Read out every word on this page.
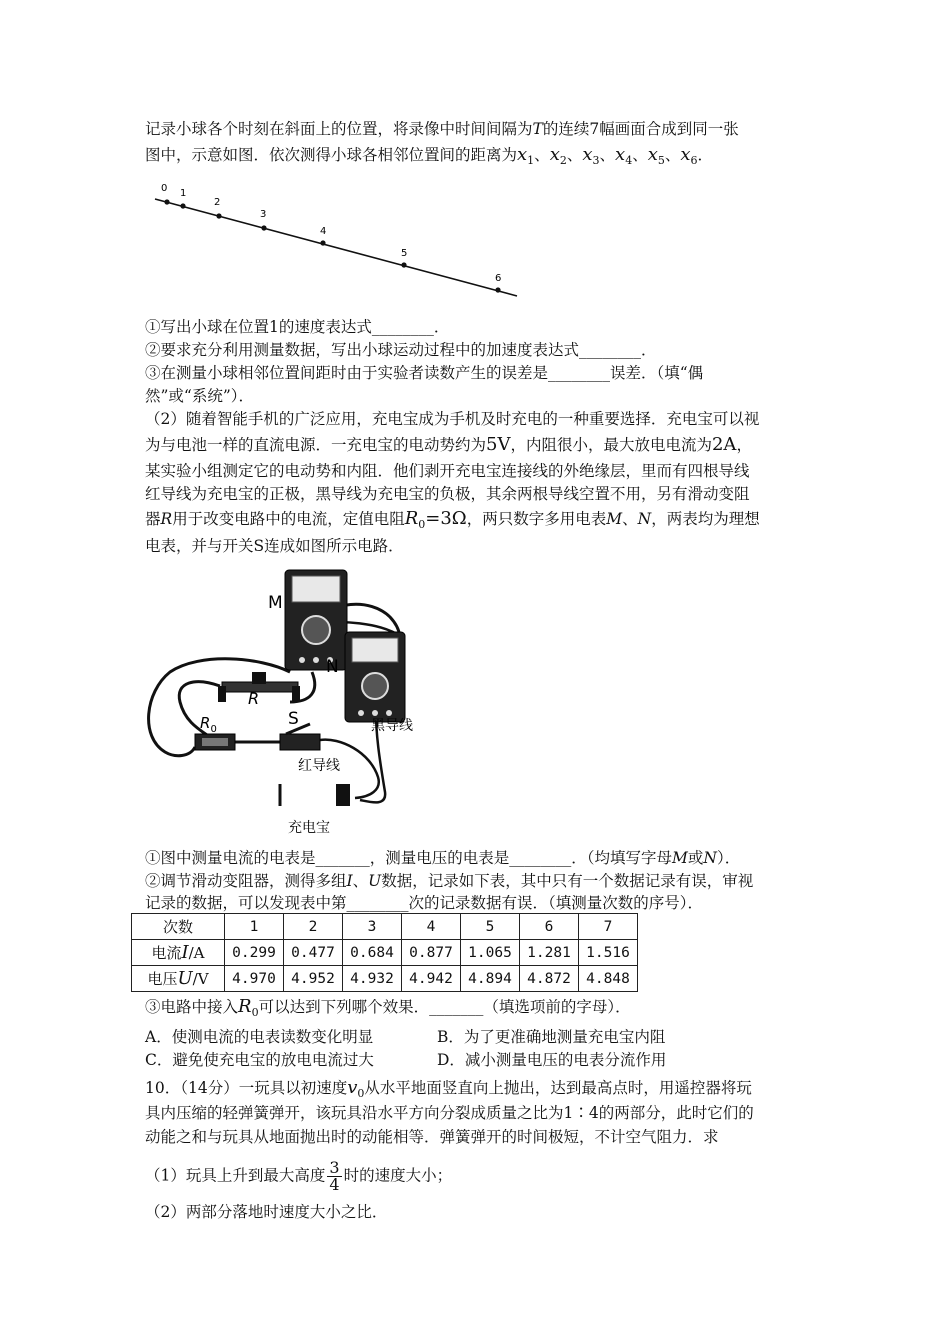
记录小球各个时刻在斜面上的位置，将录像中时间间隔为T的连续7幅画面合成到同一张
图中，示意如图．依次测得小球各相邻位置间的距离为$x_1$、$x_2$、$x_3$、$x_4$、$x_5$、$x_6$．
0 1
2
3
4
5
6
①写出小球在位置1的速度表达式________．
②要求充分利用测量数据，写出小球运动过程中的加速度表达式________．
③在测量小球相邻位置间距时由于实验者读数产生的误差是________误差．（填“偶
然”或“系统”）．
（2）随着智能手机的广泛应用，充电宝成为手机及时充电的一种重要选择．充电宝可以视
为与电池一样的直流电源．一充电宝的电动势约为5V，内阻很小，最大放电电流为2A，
某实验小组测定它的电动势和内阻．他们剥开充电宝连接线的外绝缘层，里而有四根导线
红导线为充电宝的正极，黑导线为充电宝的负极，其余两根导线空置不用，另有滑动变阻
器R用于改变电路中的电流，定值电阻$R_0=3\Omega$，两只数字多用电表M、N，两表均为理想
电表，并与开关S连成如图所示电路．
M
N
R
$R_0$
S	黑导线
红导线
充电宝
①图中测量电流的电表是_______，测量电压的电表是________．（均填写字母M或N）．
②调节滑动变阻器，测得多组I、U数据，记录如下表，其中只有一个数据记录有误，审视
记录的数据，可以发现表中第________次的记录数据有误．（填测量次数的序号）．
次数	1	2	3	4	5	6	7
电流I/A	0.299	0.477	0.684	0.877	1.065	1.281	1.516
电压U/V	4.970	4.952	4.932	4.942	4.894	4.872	4.848
③电路中接入$R_0$可以达到下列哪个效果．_______（填选项前的字母）．
A．使测电流的电表读数变化明显	B．为了更准确地测量充电宝内阻
C．避免使充电宝的放电电流过大	D．减小测量电压的电表分流作用
10．（14分）一玩具以初速度$v_0$从水平地面竖直向上抛出，达到最高点时，用遥控器将玩
具内压缩的轻弹簧弹开，该玩具沿水平方向分裂成质量之比为1∶4的两部分，此时它们的
动能之和与玩具从地面抛出时的动能相等．弹簧弹开的时间极短，不计空气阻力．求
（1）玩具上升到最大高度 $\frac{3}{4}$ 时的速度大小；
（2）两部分落地时速度大小之比．
